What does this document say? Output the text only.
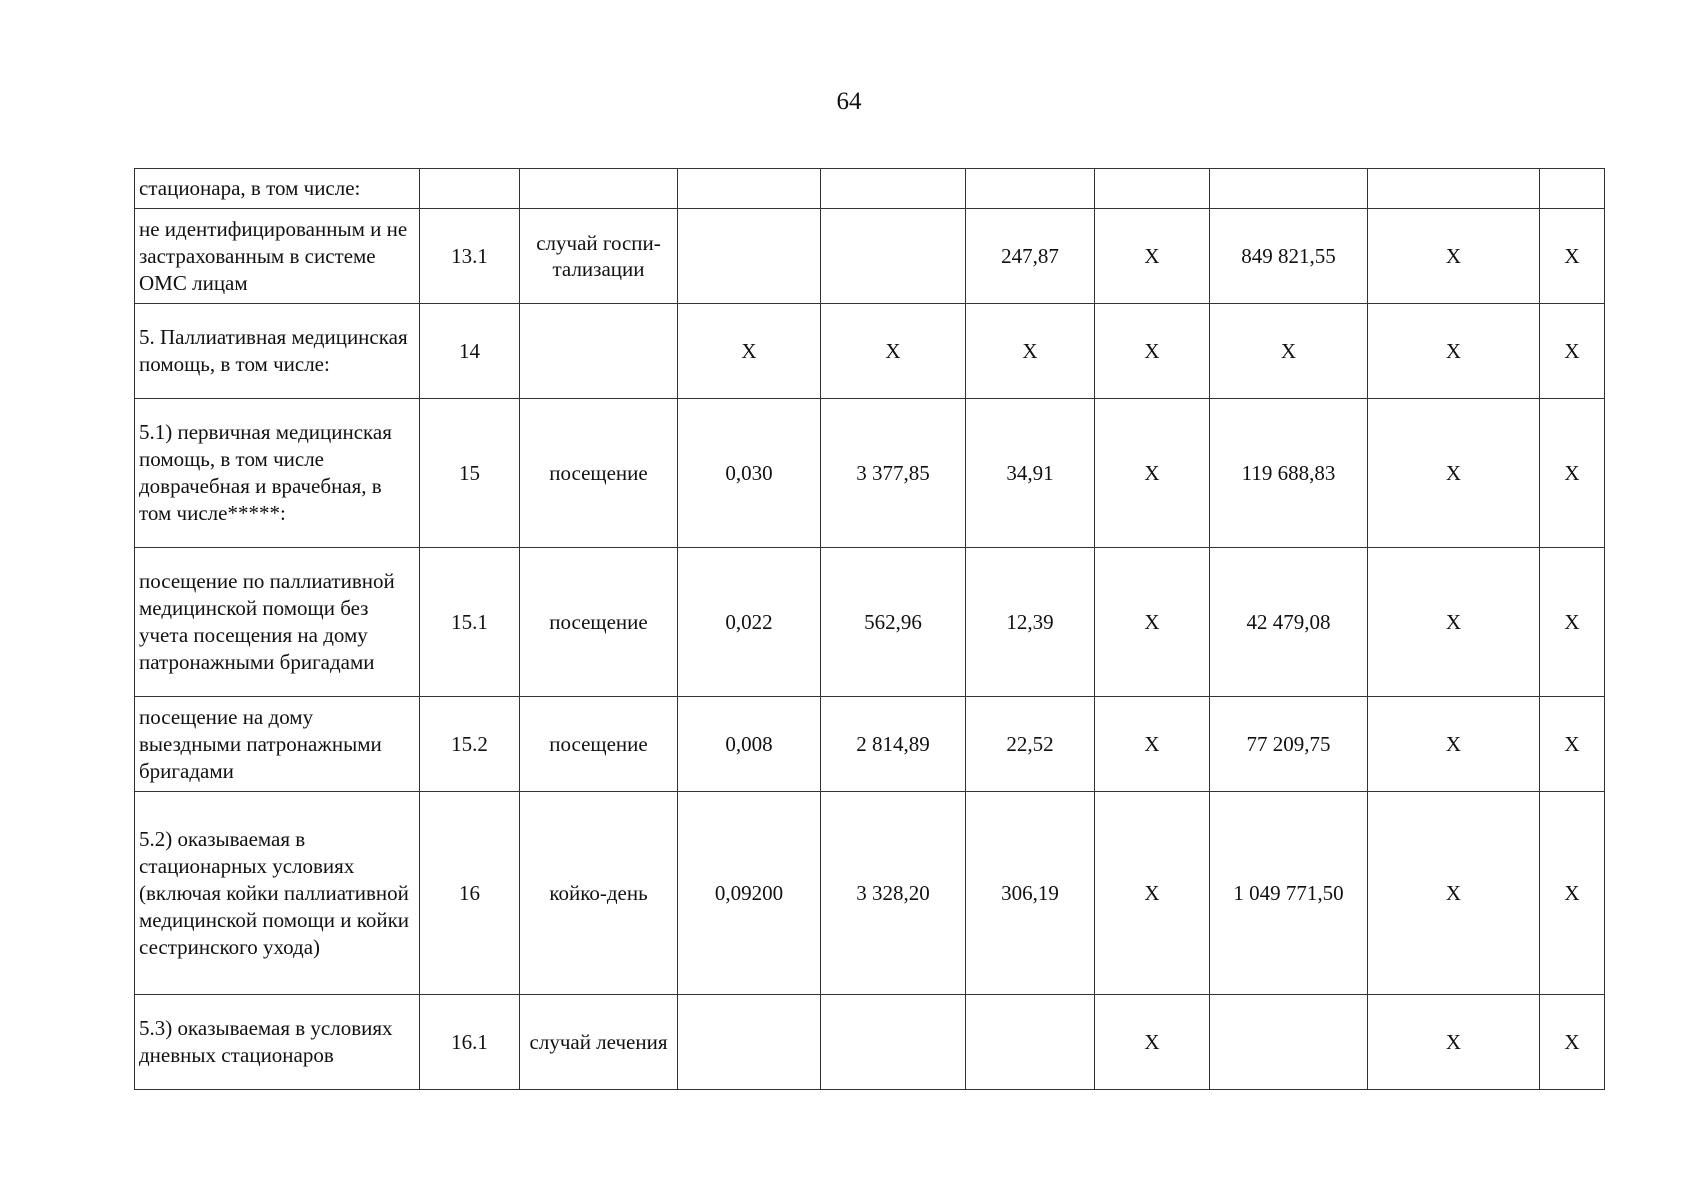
64
стационара, в том числе:									
не идентифицированным и не застрахованным в системе ОМС лицам	13.1	случай госпи-тализации			247,87	X	849 821,55	X	X
5. Паллиативная медицинская помощь, в том числе:	14		X	X	X	X	X	X	X
5.1) первичная медицинская помощь, в том числе доврачебная и врачебная, в том числе*****:	15	посещение	0,030	3 377,85	34,91	X	119 688,83	X	X
посещение по паллиативной медицинской помощи без учета посещения на дому патронажными бригадами	15.1	посещение	0,022	562,96	12,39	X	42 479,08	X	X
посещение на дому выездными патронажными бригадами	15.2	посещение	0,008	2 814,89	22,52	X	77 209,75	X	X
5.2) оказываемая в стационарных условиях (включая койки паллиативной медицинской помощи и койки сестринского ухода)	16	койко-день	0,09200	3 328,20	306,19	X	1 049 771,50	X	X
5.3) оказываемая в условиях дневных стационаров	16.1	случай лечения				X		X	X
